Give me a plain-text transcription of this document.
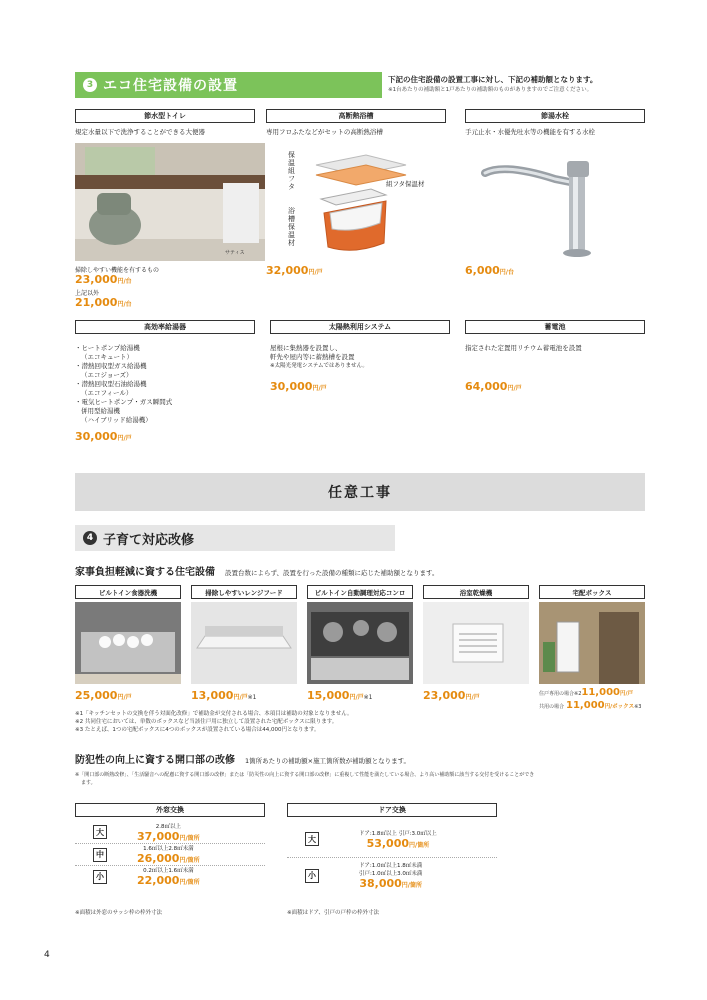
3 エコ住宅設備の設置	下記の住宅設備の設置工事に対し、下記の補助額となります。
※1台あたりの補助額と1戸あたりの補助額のものがありますのでご注意ください。
節水型トイレ	高断熱浴槽	節湯水栓
規定水量以下で洗浄することができる大便器	専用フロふたなどがセットの高断熱浴槽	手元止水・水優先吐水等の機能を有する水栓
サティス
保温組フタ
浴槽保温材
組フタ保温材
掃除しやすい機能を有するもの
23,000円/台
上記以外
21,000円/台
32,000円/戸	6,000円/台
高効率給湯器	太陽熱利用システム	蓄電池
・ヒートポンプ給湯機
（エコキュート）
・潜熱回収型ガス給湯機
（エコジョーズ）
・潜熱回収型石油給湯機
（エコフィール）
・電気ヒートポンプ・ガス瞬間式
併用型給湯機
（ハイブリッド給湯機）
30,000円/戸
屋根に集熱器を設置し、
軒先や屋内等に蓄熱槽を設置
※太陽光発電システムではありません。
30,000円/戸
指定された定置用リチウム蓄電池を設置
64,000円/戸
任意工事
4 子育て対応改修
家事負担軽減に資する住宅設備 設置台数によらず、設置を行った設備の種類に応じた補助額となります。
ビルトイン食器洗機	掃除しやすいレンジフード	ビルトイン自動調理対応コンロ	浴室乾燥機	宅配ボックス
25,000円/戸	13,000円/戸※1	15,000円/戸※1	23,000円/戸	住戸専用の場合 ※2 11,000 円/戸
共用の場合 11,000 円/ボックス ※3
※1「キッチンセットの交換を伴う対面化改修」で補助金が交付される場合、本項目は補助の対象となりません。
※2 共同住宅においては、単数のボックスなど当該住戸用に独立して設置された宅配ボックスに限ります。
※3 たとえば、1つの宅配ボックスに4つのボックスが設置されている場合は44,000円となります。
防犯性の向上に資する開口部の改修 1箇所あたりの補助額×施工箇所数が補助額となります。
※「開口部の断熱改修」、「生活騒音への配慮に資する開口部の改修」または「防災性の向上に資する開口部の改修」に重複して性能を満たしている場合、より高い補助額に該当する交付を受けることができ
ます。
外窓交換
大
2.8㎡以上
37,000円/箇所
中
1.6㎡以上2.8㎡未満
26,000円/箇所
小
0.2㎡以上1.6㎡未満
22,000円/箇所
※面積は外窓のサッシ枠の枠外寸法
ドア交換
大
ドア:1.8㎡以上 引戸:3.0㎡以上
53,000円/箇所
小
ドア:1.0㎡以上1.8㎡未満
引戸:1.0㎡以上3.0㎡未満
38,000円/箇所
※面積はドア、引戸の戸枠の枠外寸法
4
